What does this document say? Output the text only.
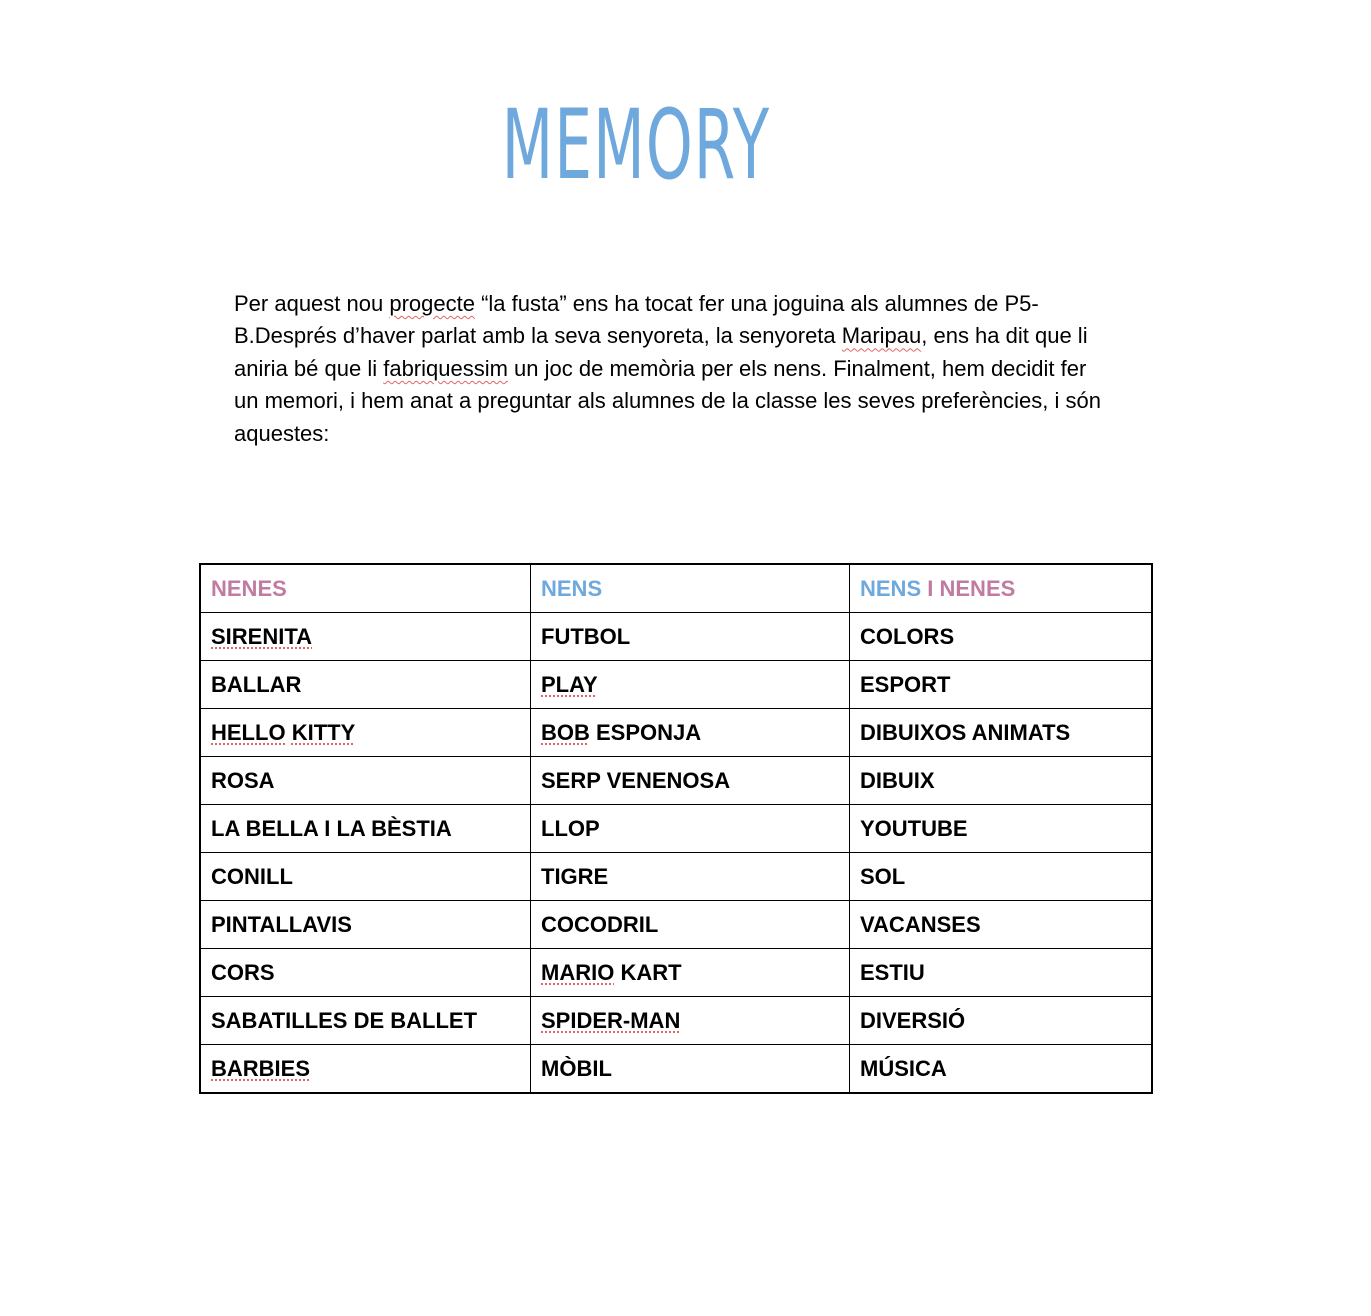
MEMORY

Per aquest nou progecte “la fusta” ens ha tocat fer una joguina als alumnes de P5-B.Després d’haver parlat amb la seva senyoreta, la senyoreta Maripau, ens ha dit que li aniria bé que li fabriquessim un joc de memòria per els nens. Finalment, hem decidit fer un memori, i hem anat a preguntar als alumnes de la classe les seves preferències, i són aquestes:

NENES	NENS	NENS I NENES
SIRENITA	FUTBOL	COLORS
BALLAR	PLAY	ESPORT
HELLO KITTY	BOB ESPONJA	DIBUIXOS ANIMATS
ROSA	SERP VENENOSA	DIBUIX
LA BELLA I LA BÈSTIA	LLOP	YOUTUBE
CONILL	TIGRE	SOL
PINTALLAVIS	COCODRIL	VACANSES
CORS	MARIO KART	ESTIU
SABATILLES DE BALLET	SPIDER-MAN	DIVERSIÓ
BARBIES	MÒBIL	MÚSICA
